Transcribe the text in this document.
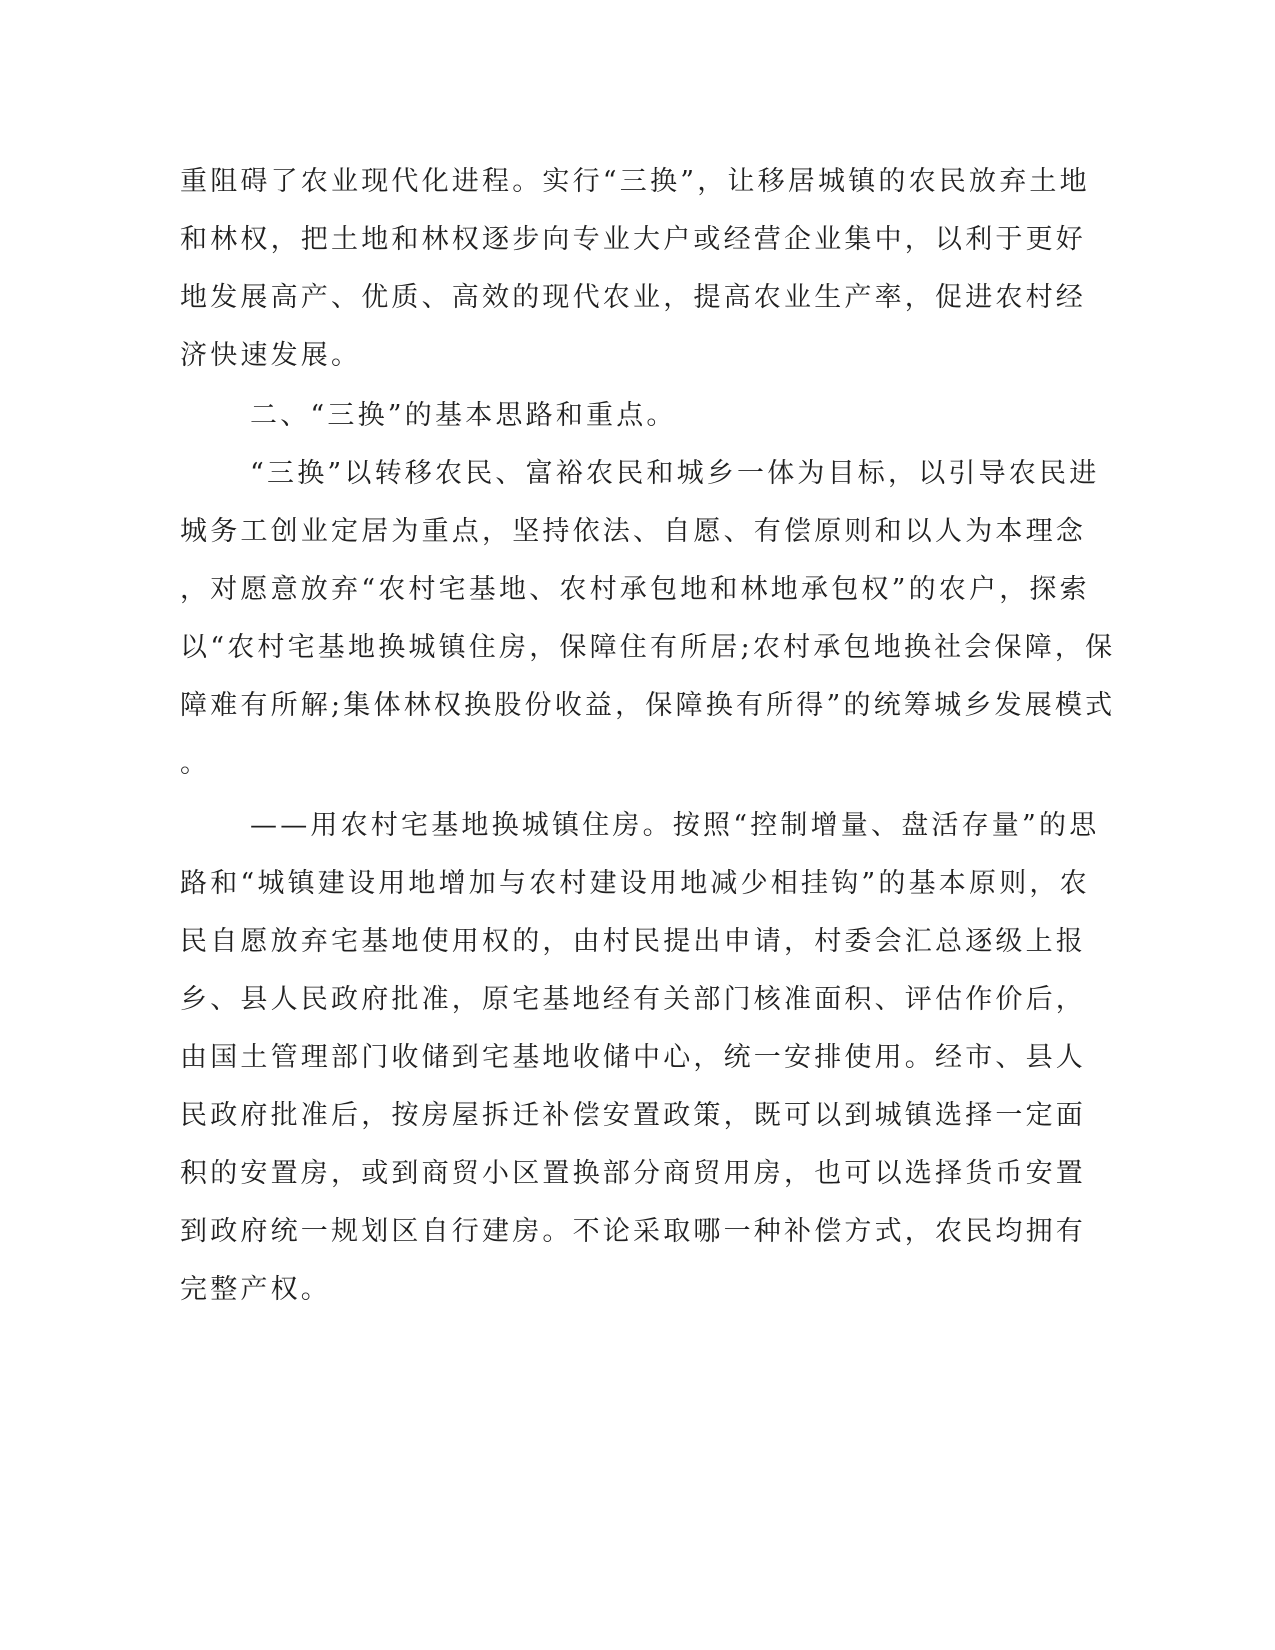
重阻碍了农业现代化进程。实行“三换”，让移居城镇的农民放弃土地
和林权，把土地和林权逐步向专业大户或经营企业集中，以利于更好
地发展高产、优质、高效的现代农业，提高农业生产率，促进农村经
济快速发展。
二、“三换”的基本思路和重点。
“三换”以转移农民、富裕农民和城乡一体为目标，以引导农民进
城务工创业定居为重点，坚持依法、自愿、有偿原则和以人为本理念
，对愿意放弃“农村宅基地、农村承包地和林地承包权”的农户，探索
以“农村宅基地换城镇住房，保障住有所居;农村承包地换社会保障，保
障难有所解;集体林权换股份收益，保障换有所得”的统筹城乡发展模式
。
——用农村宅基地换城镇住房。按照“控制增量、盘活存量”的思
路和“城镇建设用地增加与农村建设用地减少相挂钩”的基本原则，农
民自愿放弃宅基地使用权的，由村民提出申请，村委会汇总逐级上报
乡、县人民政府批准，原宅基地经有关部门核准面积、评估作价后，
由国土管理部门收储到宅基地收储中心，统一安排使用。经市、县人
民政府批准后，按房屋拆迁补偿安置政策，既可以到城镇选择一定面
积的安置房，或到商贸小区置换部分商贸用房，也可以选择货币安置
到政府统一规划区自行建房。不论采取哪一种补偿方式，农民均拥有
完整产权。
